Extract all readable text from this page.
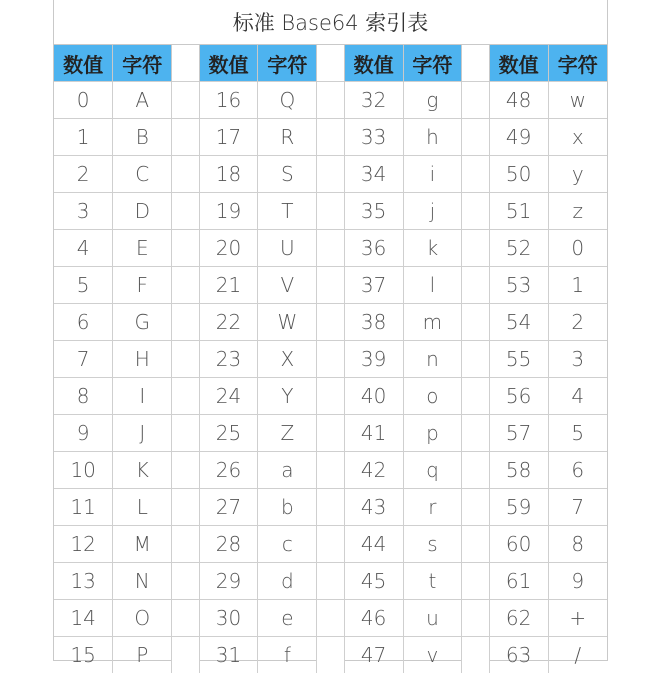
标准 Base64 索引表
数值	字符		数值	字符		数值	字符		数值	字符
0	A		16	Q		32	g		48	w
1	B		17	R		33	h		49	x
2	C		18	S		34	i		50	y
3	D		19	T		35	j		51	z
4	E		20	U		36	k		52	0
5	F		21	V		37	l		53	1
6	G		22	W		38	m		54	2
7	H		23	X		39	n		55	3
8	I		24	Y		40	o		56	4
9	J		25	Z		41	p		57	5
10	K		26	a		42	q		58	6
11	L		27	b		43	r		59	7
12	M		28	c		44	s		60	8
13	N		29	d		45	t		61	9
14	O		30	e		46	u		62	+
15	P		31	f		47	v		63	/
